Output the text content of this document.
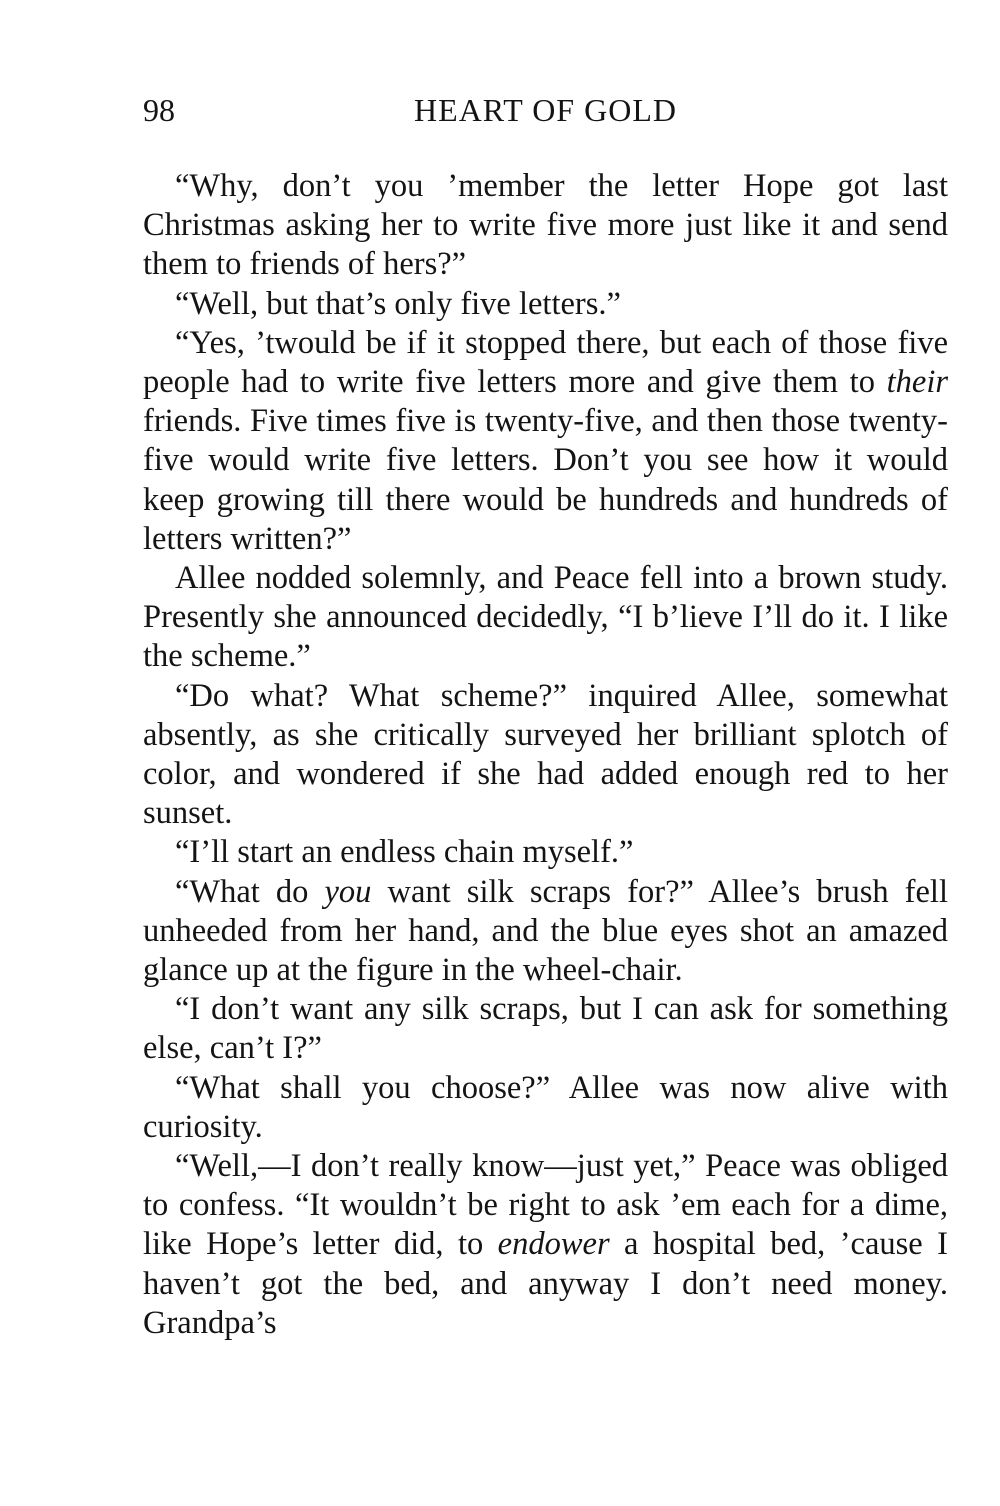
98	HEART OF GOLD

“Why, don’t you ’member the letter Hope got last Christmas asking her to write five more just like it and send them to friends of hers?”

“Well, but that’s only five letters.”

“Yes, ’twould be if it stopped there, but each of those five people had to write five letters more and give them to their friends. Five times five is twenty-five, and then those twenty-five would write five letters. Don’t you see how it would keep growing till there would be hundreds and hundreds of letters written?”

Allee nodded solemnly, and Peace fell into a brown study. Presently she announced decidedly, “I b’lieve I’ll do it. I like the scheme.”

“Do what? What scheme?” inquired Allee, somewhat absently, as she critically surveyed her brilliant splotch of color, and wondered if she had added enough red to her sunset.

“I’ll start an endless chain myself.”

“What do you want silk scraps for?” Allee’s brush fell unheeded from her hand, and the blue eyes shot an amazed glance up at the figure in the wheel-chair.

“I don’t want any silk scraps, but I can ask for something else, can’t I?”

“What shall you choose?” Allee was now alive with curiosity.

“Well,—I don’t really know—just yet,” Peace was obliged to confess. “It wouldn’t be right to ask ’em each for a dime, like Hope’s letter did, to endower a hospital bed, ’cause I haven’t got the bed, and anyway I don’t need money. Grandpa’s
